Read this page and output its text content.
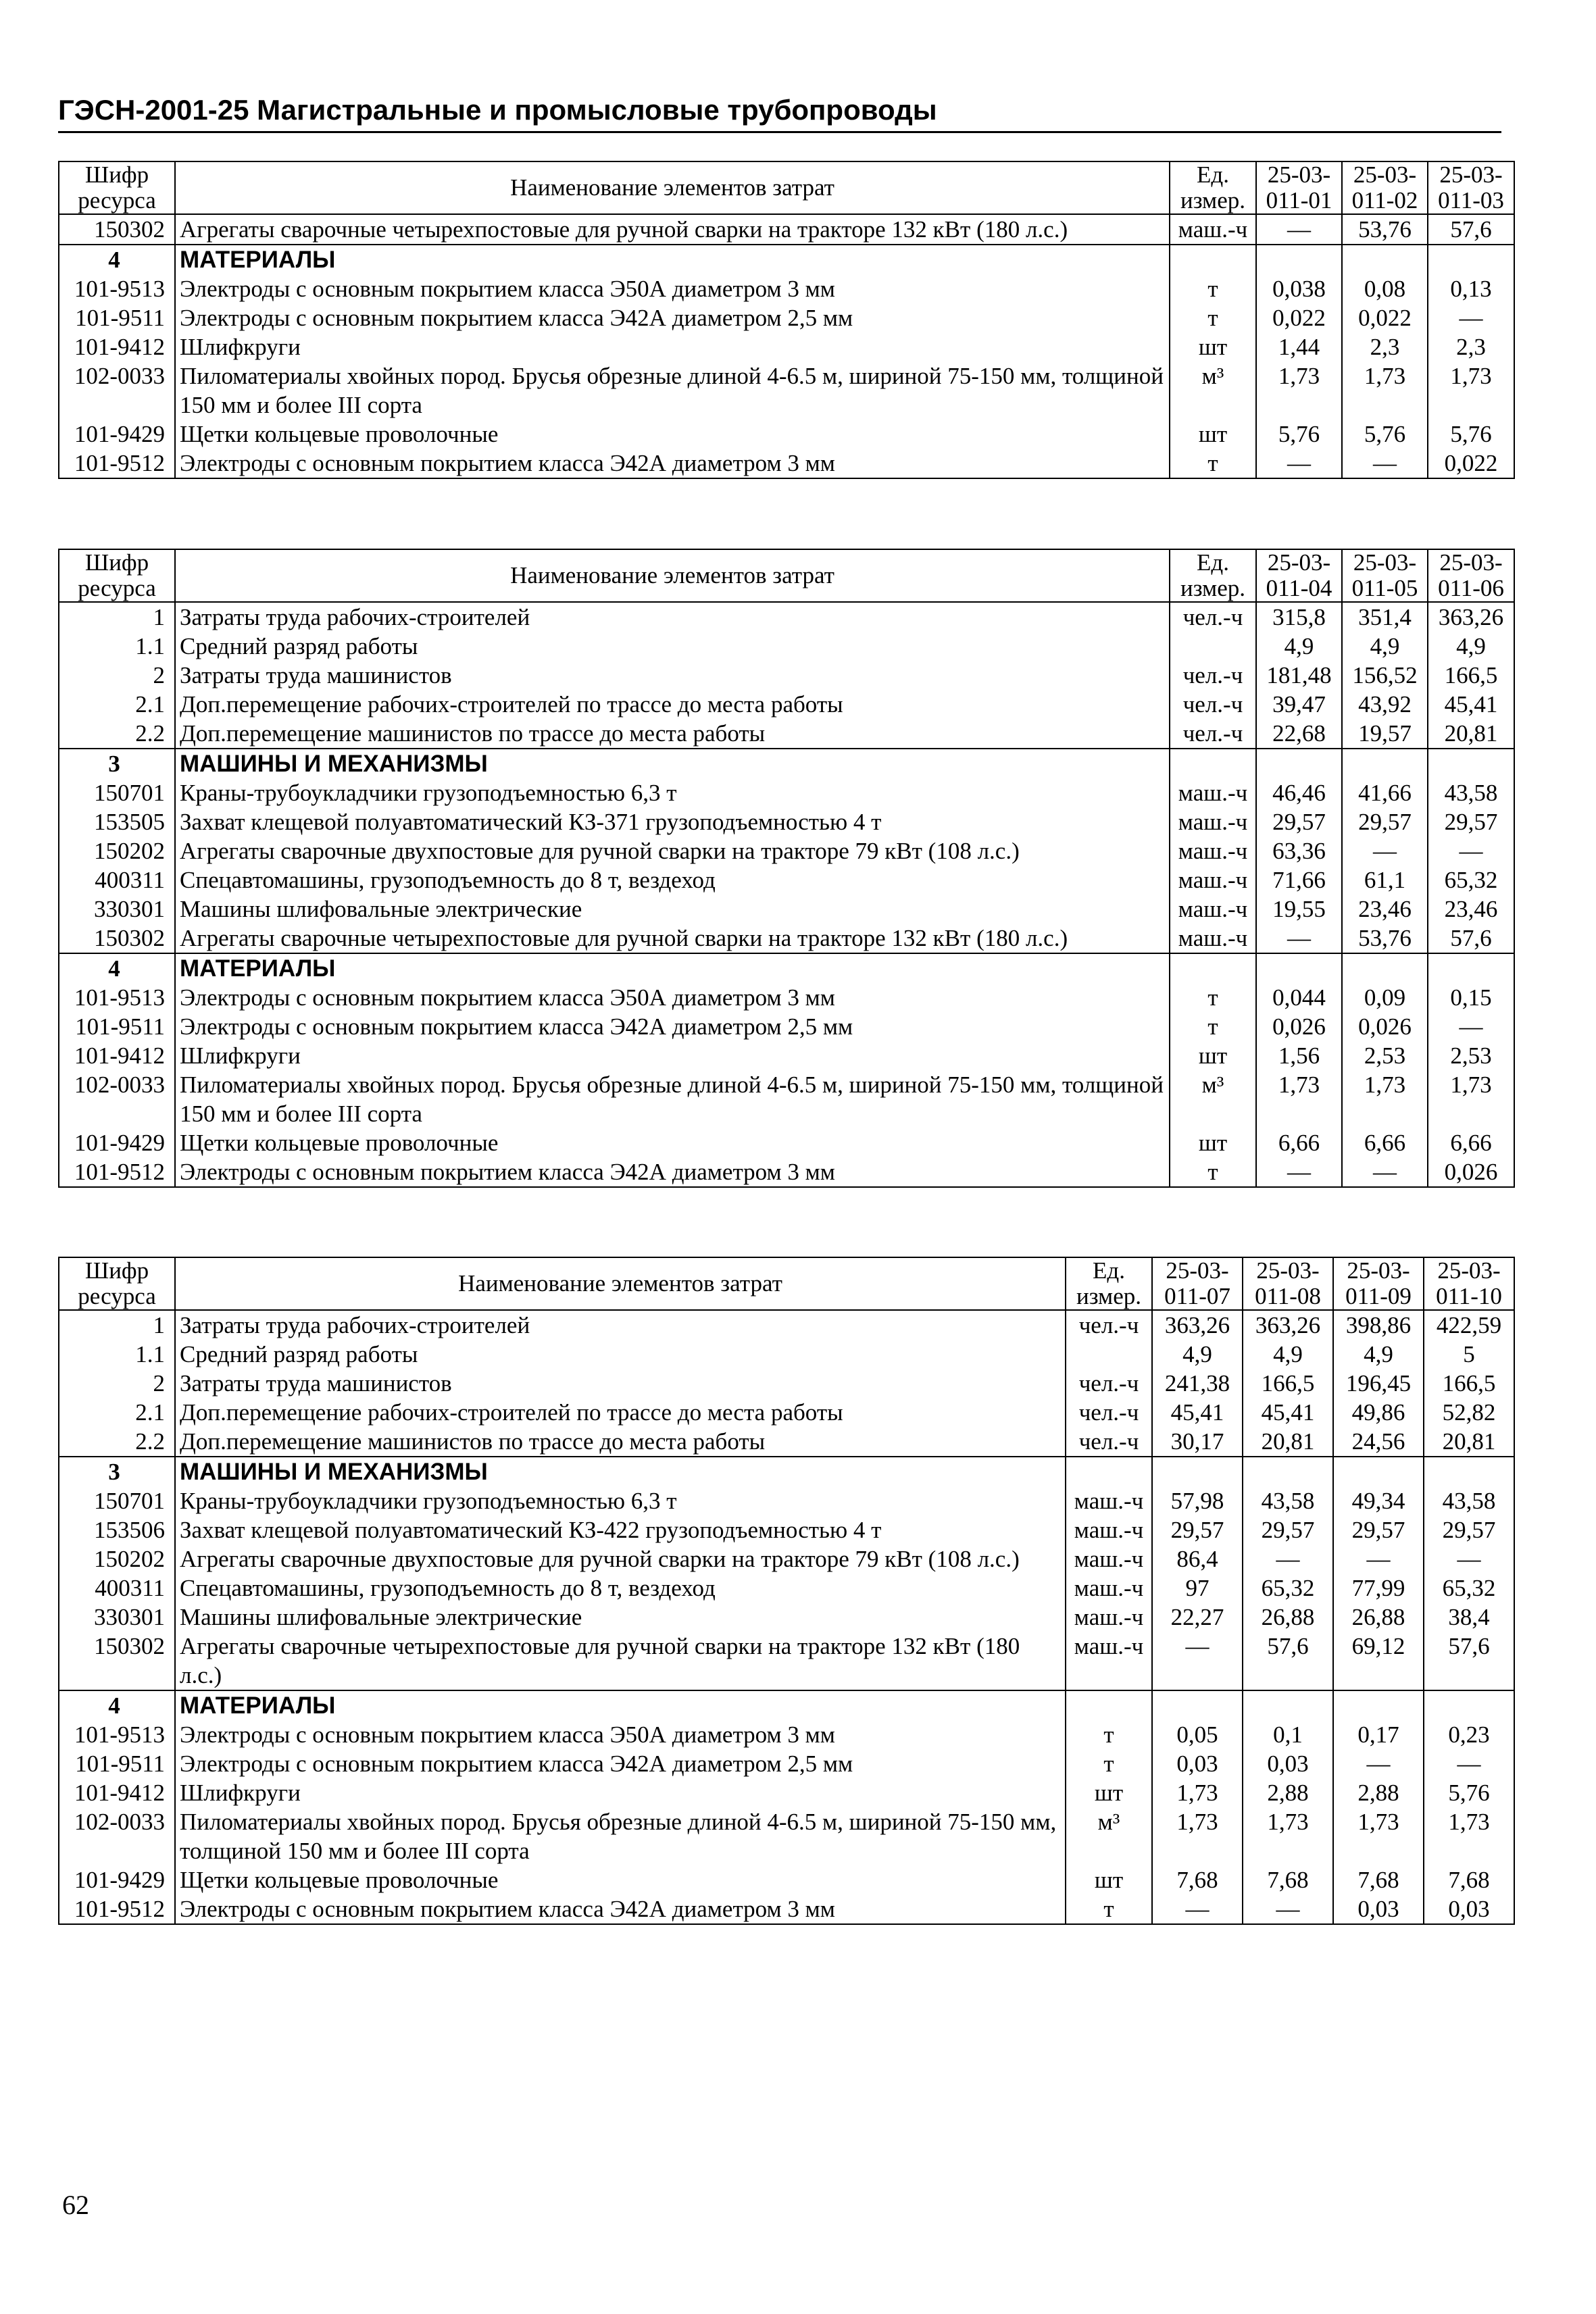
ГЭСН-2001-25 Магистральные и промысловые трубопроводы
Шифр ресурса	Наименование элементов затрат	Ед. измер.	25-03-011-01	25-03-011-02	25-03-011-03
150302	Агрегаты сварочные четырехпостовые для ручной сварки на тракторе 132 кВт (180 л.с.)	маш.-ч	—	53,76	57,6
4	МАТЕРИАЛЫ				
101-9513	Электроды с основным покрытием класса Э50А диаметром 3 мм	т	0,038	0,08	0,13
101-9511	Электроды с основным покрытием класса Э42А диаметром 2,5 мм	т	0,022	0,022	—
101-9412	Шлифкруги	шт	1,44	2,3	2,3
102-0033	Пиломатериалы хвойных пород. Брусья обрезные длиной 4-6.5 м, шириной 75-150 мм, толщиной 150 мм и более III сорта	м³	1,73	1,73	1,73
101-9429	Щетки кольцевые проволочные	шт	5,76	5,76	5,76
101-9512	Электроды с основным покрытием класса Э42А диаметром 3 мм	т	—	—	0,022
Шифр ресурса	Наименование элементов затрат	Ед. измер.	25-03-011-04	25-03-011-05	25-03-011-06
1	Затраты труда рабочих-строителей	чел.-ч	315,8	351,4	363,26
1.1	Средний разряд работы		4,9	4,9	4,9
2	Затраты труда машинистов	чел.-ч	181,48	156,52	166,5
2.1	Доп.перемещение рабочих-строителей по трассе до места работы	чел.-ч	39,47	43,92	45,41
2.2	Доп.перемещение машинистов по трассе до места работы	чел.-ч	22,68	19,57	20,81
3	МАШИНЫ И МЕХАНИЗМЫ				
150701	Краны-трубоукладчики грузоподъемностью 6,3 т	маш.-ч	46,46	41,66	43,58
153505	Захват клещевой полуавтоматический КЗ-371 грузоподъемностью 4 т	маш.-ч	29,57	29,57	29,57
150202	Агрегаты сварочные двухпостовые для ручной сварки на тракторе 79 кВт (108 л.с.)	маш.-ч	63,36	—	—
400311	Спецавтомашины, грузоподъемность до 8 т, вездеход	маш.-ч	71,66	61,1	65,32
330301	Машины шлифовальные электрические	маш.-ч	19,55	23,46	23,46
150302	Агрегаты сварочные четырехпостовые для ручной сварки на тракторе 132 кВт (180 л.с.)	маш.-ч	—	53,76	57,6
4	МАТЕРИАЛЫ				
101-9513	Электроды с основным покрытием класса Э50А диаметром 3 мм	т	0,044	0,09	0,15
101-9511	Электроды с основным покрытием класса Э42А диаметром 2,5 мм	т	0,026	0,026	—
101-9412	Шлифкруги	шт	1,56	2,53	2,53
102-0033	Пиломатериалы хвойных пород. Брусья обрезные длиной 4-6.5 м, шириной 75-150 мм, толщиной 150 мм и более III сорта	м³	1,73	1,73	1,73
101-9429	Щетки кольцевые проволочные	шт	6,66	6,66	6,66
101-9512	Электроды с основным покрытием класса Э42А диаметром 3 мм	т	—	—	0,026
Шифр ресурса	Наименование элементов затрат	Ед. измер.	25-03-011-07	25-03-011-08	25-03-011-09	25-03-011-10
1	Затраты труда рабочих-строителей	чел.-ч	363,26	363,26	398,86	422,59
1.1	Средний разряд работы		4,9	4,9	4,9	5
2	Затраты труда машинистов	чел.-ч	241,38	166,5	196,45	166,5
2.1	Доп.перемещение рабочих-строителей по трассе до места работы	чел.-ч	45,41	45,41	49,86	52,82
2.2	Доп.перемещение машинистов по трассе до места работы	чел.-ч	30,17	20,81	24,56	20,81
3	МАШИНЫ И МЕХАНИЗМЫ					
150701	Краны-трубоукладчики грузоподъемностью 6,3 т	маш.-ч	57,98	43,58	49,34	43,58
153506	Захват клещевой полуавтоматический КЗ-422 грузоподъемностью 4 т	маш.-ч	29,57	29,57	29,57	29,57
150202	Агрегаты сварочные двухпостовые для ручной сварки на тракторе 79 кВт (108 л.с.)	маш.-ч	86,4	—	—	—
400311	Спецавтомашины, грузоподъемность до 8 т, вездеход	маш.-ч	97	65,32	77,99	65,32
330301	Машины шлифовальные электрические	маш.-ч	22,27	26,88	26,88	38,4
150302	Агрегаты сварочные четырехпостовые для ручной сварки на тракторе 132 кВт (180 л.с.)	маш.-ч	—	57,6	69,12	57,6
4	МАТЕРИАЛЫ					
101-9513	Электроды с основным покрытием класса Э50А диаметром 3 мм	т	0,05	0,1	0,17	0,23
101-9511	Электроды с основным покрытием класса Э42А диаметром 2,5 мм	т	0,03	0,03	—	—
101-9412	Шлифкруги	шт	1,73	2,88	2,88	5,76
102-0033	Пиломатериалы хвойных пород. Брусья обрезные длиной 4-6.5 м, шириной 75-150 мм, толщиной 150 мм и более III сорта	м³	1,73	1,73	1,73	1,73
101-9429	Щетки кольцевые проволочные	шт	7,68	7,68	7,68	7,68
101-9512	Электроды с основным покрытием класса Э42А диаметром 3 мм	т	—	—	0,03	0,03
62
